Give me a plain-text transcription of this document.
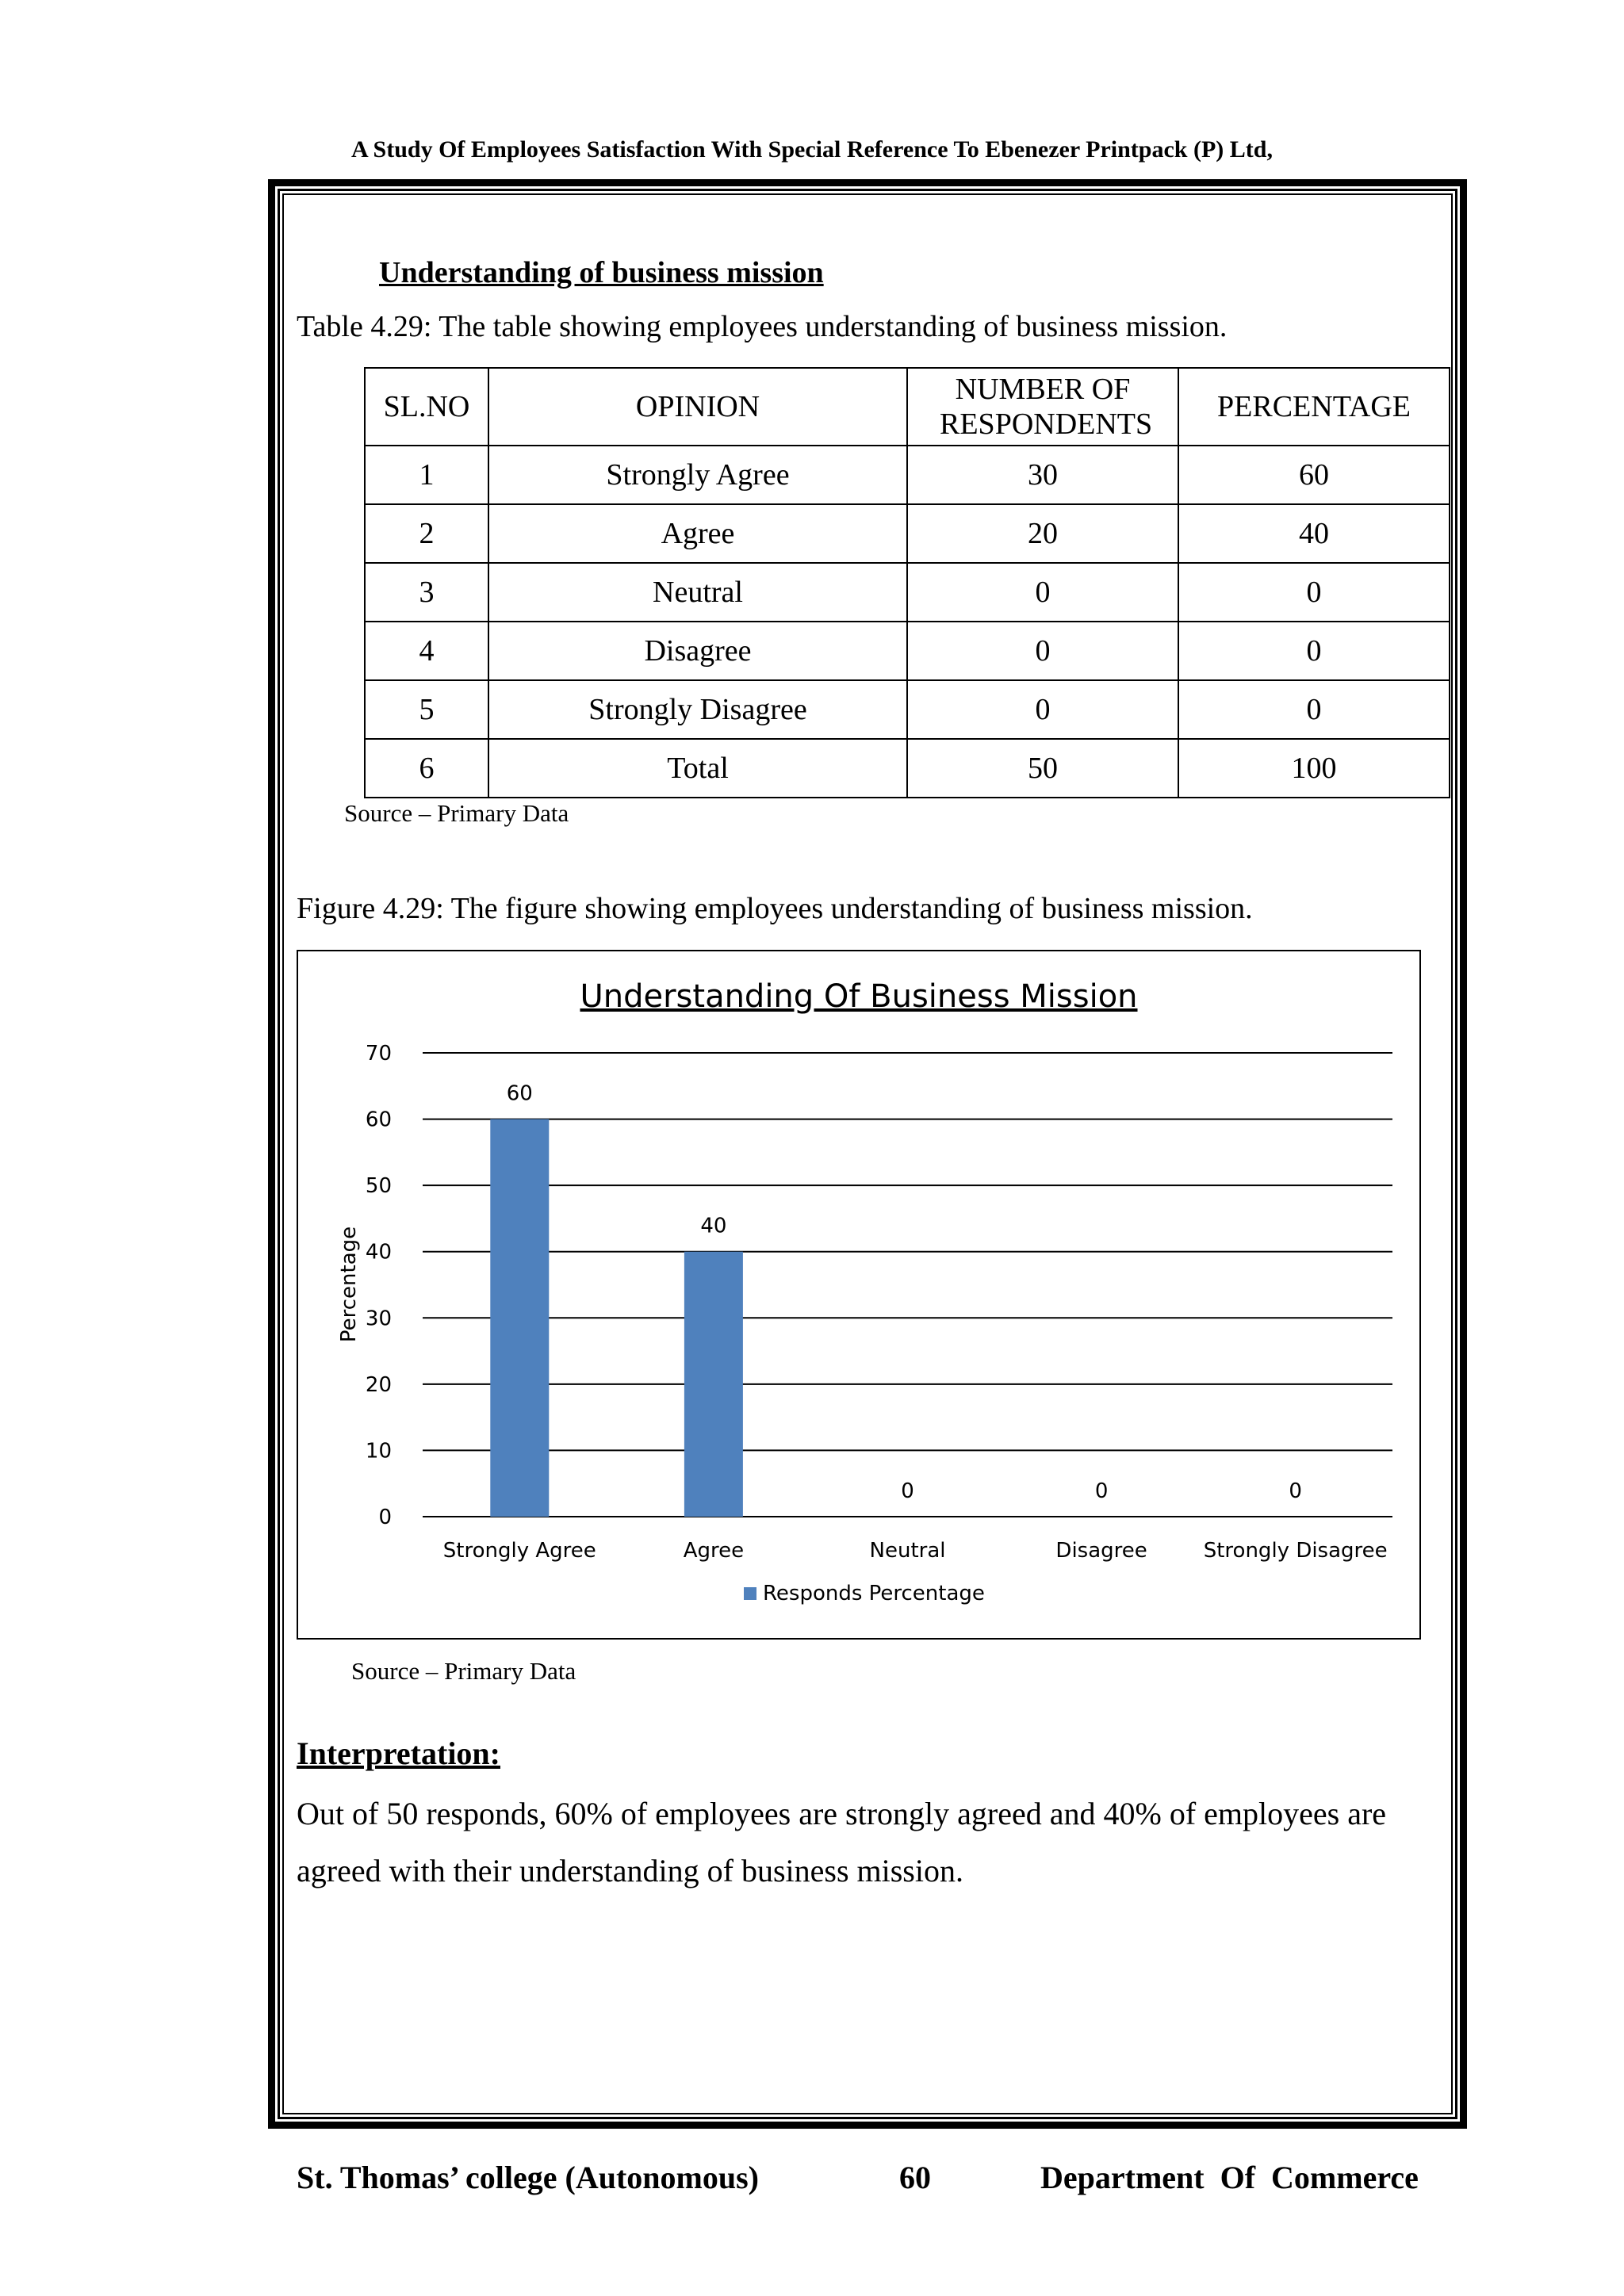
A Study Of Employees Satisfaction With Special Reference To Ebenezer Printpack (P) Ltd,
Understanding of business mission
Table 4.29: The table showing employees understanding of business mission.
SL.NO	OPINION	NUMBER OF RESPONDENTS	PERCENTAGE
1	Strongly Agree	30	60
2	Agree	20	40
3	Neutral	0	0
4	Disagree	0	0
5	Strongly Disagree	0	0
6	Total	50	100
Source – Primary Data
Figure 4.29: The figure showing employees understanding of business mission.
Understanding Of Business Mission
Percentage
0
10
20
30
40
50
60
70
60
40
0	0	0
Strongly Agree	Agree	Neutral	Disagree	Strongly Disagree
Responds Percentage
Source – Primary Data
Interpretation:
Out of 50 responds, 60% of employees are strongly agreed and 40% of employees are agreed with their understanding of business mission.
St. Thomas’ college (Autonomous)	60	Department  Of  Commerce
